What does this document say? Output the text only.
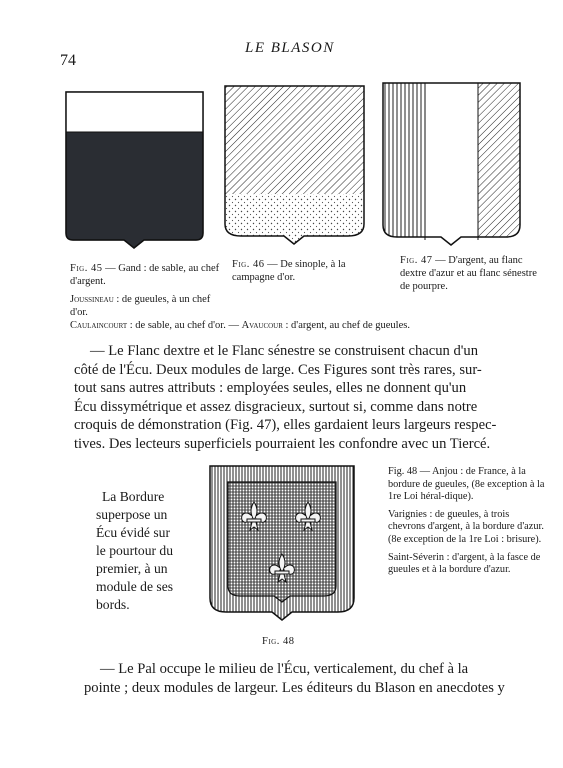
74
LE BLASON
Fig. 45 — Gand : de sable, au chef d'argent.
Fig. 46 — De sinople, à la campagne d'or.
Fig. 47 — D'argent, au flanc dextre d'azur et au flanc sénestre de pourpre.
Joussineau : de gueules, à un chef d'or.
Caulaincourt : de sable, au chef d'or. — Avaucour : d'argent, au chef de gueules.
— Le Flanc dextre et le Flanc sénestre se construisent chacun d'un
côté de l'Écu. Deux modules de large. Ces Figures sont très rares, sur-
tout sans autres attributs : employées seules, elles ne donnent qu'un
Écu dissymétrique et assez disgracieux, surtout si, comme dans notre
croquis de démonstration (Fig. 47), elles gardaient leurs largeurs respec-
tives. Des lecteurs superficiels pourraient les confondre avec un Tiercé.
La Bordure
superpose un
Écu évidé sur
le pourtour du
premier, à un
module de ses
bords.
Fig. 48

Fig. 48 — Anjou : de France, à la bordure de gueules, (8e exception à la 1re Loi héral-dique).

Varignies : de gueules, à trois chevrons d'argent, à la bordure d'azur. (8e exception de la 1re Loi : brisure).

Saint-Séverin : d'argent, à la fasce de gueules et à la bordure d'azur.

— Le Pal occupe le milieu de l'Écu, verticalement, du chef à la
pointe ; deux modules de largeur. Les éditeurs du Blason en anecdotes y
